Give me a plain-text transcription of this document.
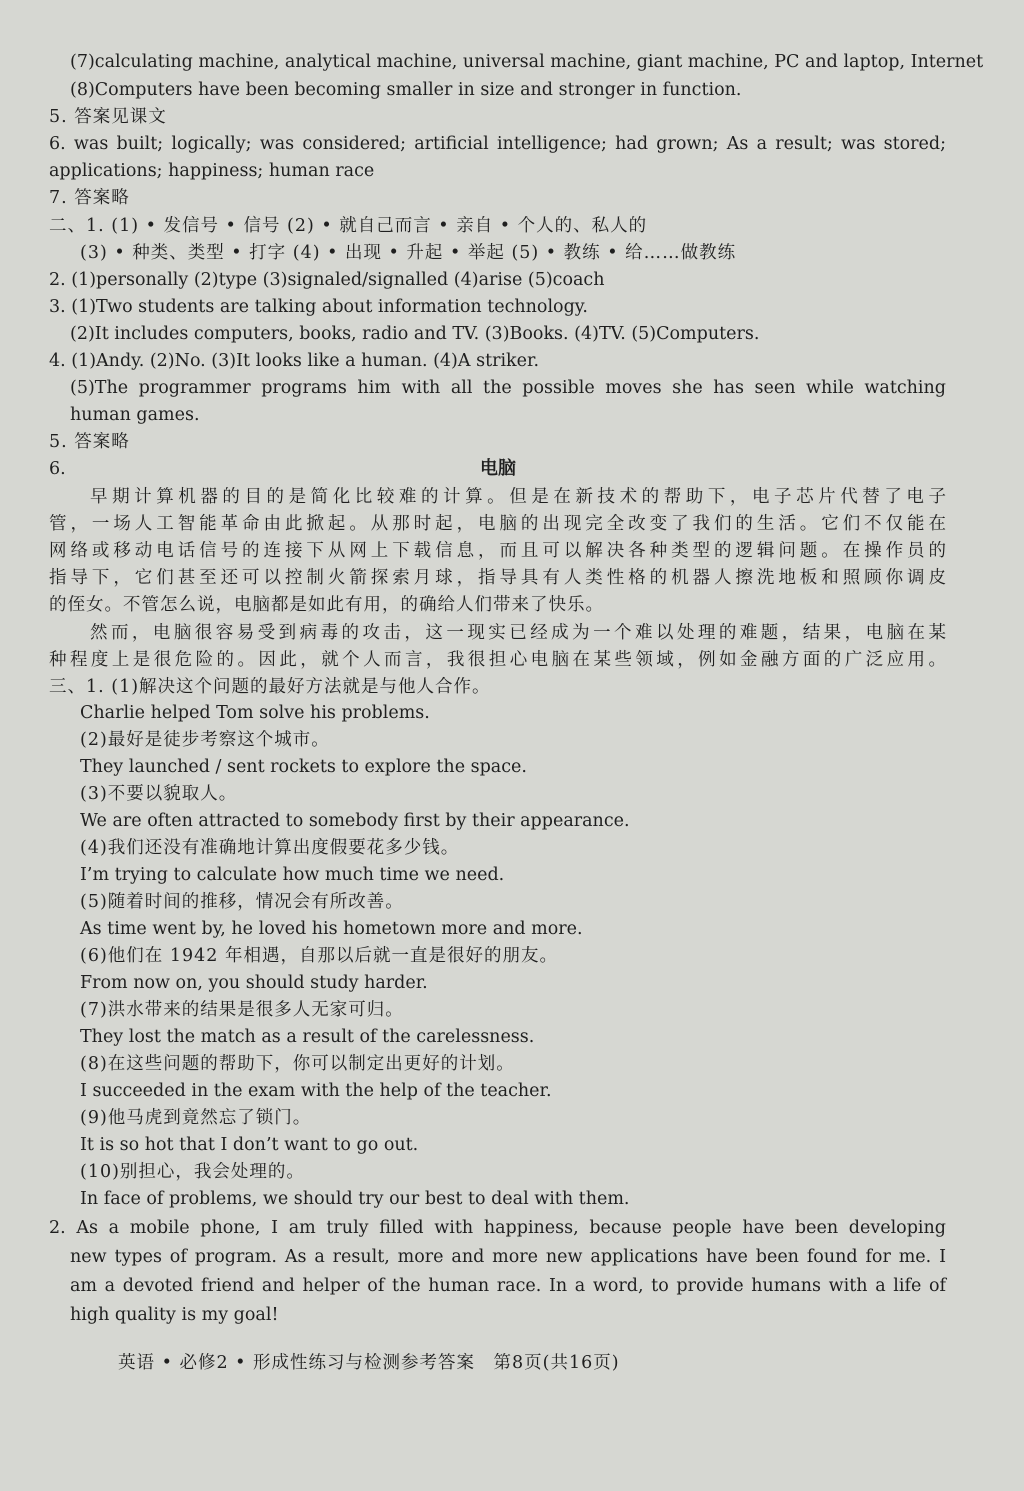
(7)calculating machine, analytical machine, universal machine, giant machine, PC and laptop, Internet
(8)Computers have been becoming smaller in size and stronger in function.
5. 答案见课文
6. was built; logically; was considered; artificial intelligence; had grown; As a result; was stored;
applications; happiness; human race
7. 答案略
二、1. (1) • 发信号 • 信号 (2) • 就自己而言 • 亲自 • 个人的、私人的
(3) • 种类、类型 • 打字 (4) • 出现 • 升起 • 举起 (5) • 教练 • 给……做教练
2. (1)personally (2)type (3)signaled/signalled (4)arise (5)coach
3. (1)Two students are talking about information technology.
(2)It includes computers, books, radio and TV. (3)Books. (4)TV. (5)Computers.
4. (1)Andy. (2)No. (3)It looks like a human. (4)A striker.
(5)The programmer programs him with all the possible moves she has seen while watching
human games.
5. 答案略
6.	电脑
早期计算机器的目的是简化比较难的计算。但是在新技术的帮助下，电子芯片代替了电子
管，一场人工智能革命由此掀起。从那时起，电脑的出现完全改变了我们的生活。它们不仅能在
网络或移动电话信号的连接下从网上下载信息，而且可以解决各种类型的逻辑问题。在操作员的
指导下，它们甚至还可以控制火箭探索月球，指导具有人类性格的机器人擦洗地板和照顾你调皮
的侄女。不管怎么说，电脑都是如此有用，的确给人们带来了快乐。
然而，电脑很容易受到病毒的攻击，这一现实已经成为一个难以处理的难题，结果，电脑在某
种程度上是很危险的。因此，就个人而言，我很担心电脑在某些领域，例如金融方面的广泛应用。
三、1. (1)解决这个问题的最好方法就是与他人合作。
Charlie helped Tom solve his problems.
(2)最好是徒步考察这个城市。
They launched / sent rockets to explore the space.
(3)不要以貌取人。
We are often attracted to somebody first by their appearance.
(4)我们还没有准确地计算出度假要花多少钱。
I’m trying to calculate how much time we need.
(5)随着时间的推移，情况会有所改善。
As time went by, he loved his hometown more and more.
(6)他们在 1942 年相遇，自那以后就一直是很好的朋友。
From now on, you should study harder.
(7)洪水带来的结果是很多人无家可归。
They lost the match as a result of the carelessness.
(8)在这些问题的帮助下，你可以制定出更好的计划。
I succeeded in the exam with the help of the teacher.
(9)他马虎到竟然忘了锁门。
It is so hot that I don’t want to go out.
(10)别担心，我会处理的。
In face of problems, we should try our best to deal with them.
2. As a mobile phone, I am truly filled with happiness, because people have been developing
new types of program. As a result, more and more new applications have been found for me. I
am a devoted friend and helper of the human race. In a word, to provide humans with a life of
high quality is my goal!
英语 • 必修2 • 形成性练习与检测参考答案　第8页(共16页)
